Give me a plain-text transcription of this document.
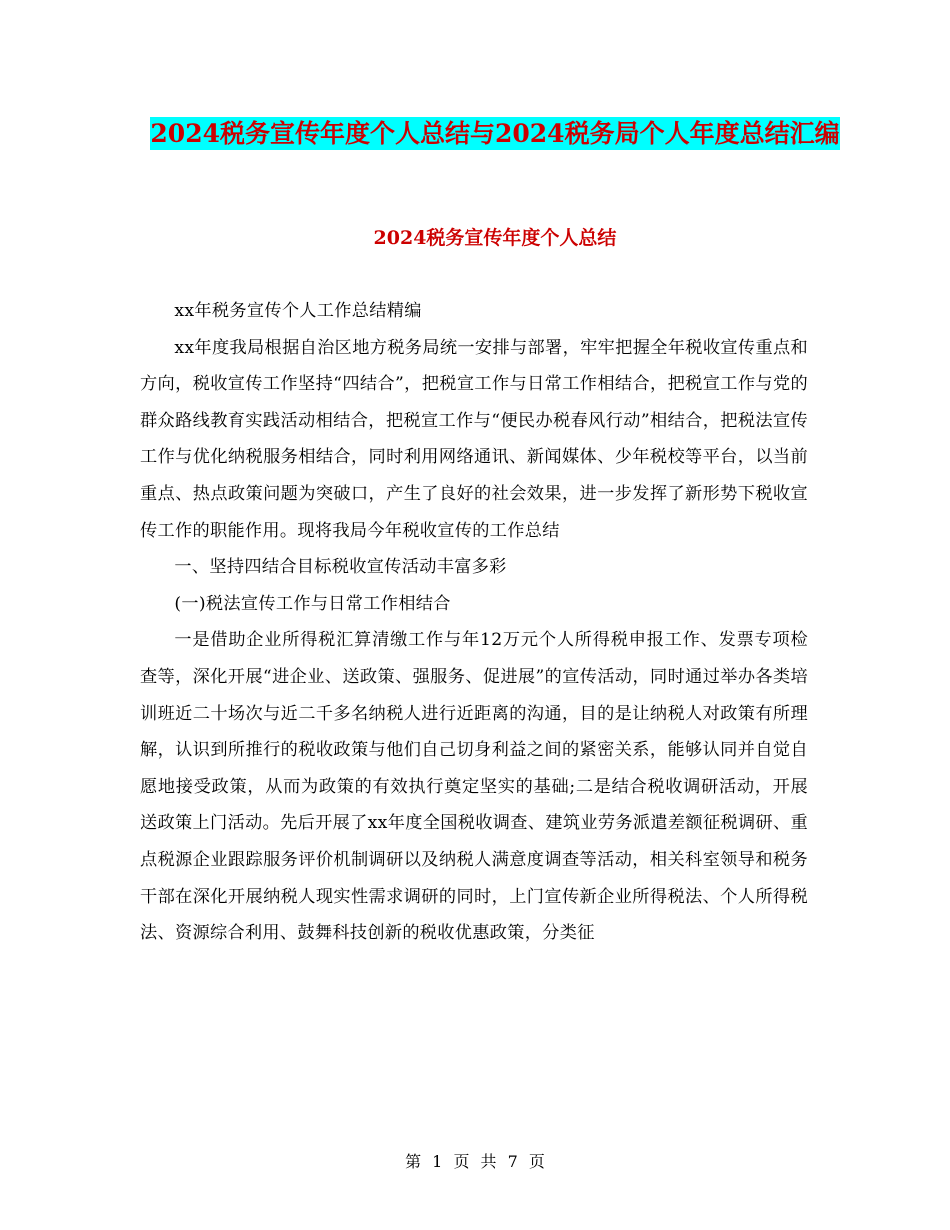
2024税务宣传年度个人总结与2024税务局个人年度总结汇编
2024税务宣传年度个人总结

xx年税务宣传个人工作总结精编

xx年度我局根据自治区地方税务局统一安排与部署，牢牢把握全年税收宣传重点和方向，税收宣传工作坚持“四结合”，把税宣工作与日常工作相结合，把税宣工作与党的群众路线教育实践活动相结合，把税宣工作与“便民办税春风行动”相结合，把税法宣传工作与优化纳税服务相结合，同时利用网络通讯、新闻媒体、少年税校等平台，以当前重点、热点政策问题为突破口，产生了良好的社会效果，进一步发挥了新形势下税收宣传工作的职能作用。现将我局今年税收宣传的工作总结

一、坚持四结合目标税收宣传活动丰富多彩

(一)税法宣传工作与日常工作相结合

一是借助企业所得税汇算清缴工作与年12万元个人所得税申报工作、发票专项检查等，深化开展“进企业、送政策、强服务、促进展”的宣传活动，同时通过举办各类培训班近二十场次与近二千多名纳税人进行近距离的沟通，目的是让纳税人对政策有所理解，认识到所推行的税收政策与他们自己切身利益之间的紧密关系，能够认同并自觉自愿地接受政策，从而为政策的有效执行奠定坚实的基础;二是结合税收调研活动，开展送政策上门活动。先后开展了xx年度全国税收调查、建筑业劳务派遣差额征税调研、重点税源企业跟踪服务评价机制调研以及纳税人满意度调查等活动，相关科室领导和税务干部在深化开展纳税人现实性需求调研的同时，上门宣传新企业所得税法、个人所得税法、资源综合利用、鼓舞科技创新的税收优惠政策，分类征

第 1 页 共 7 页
